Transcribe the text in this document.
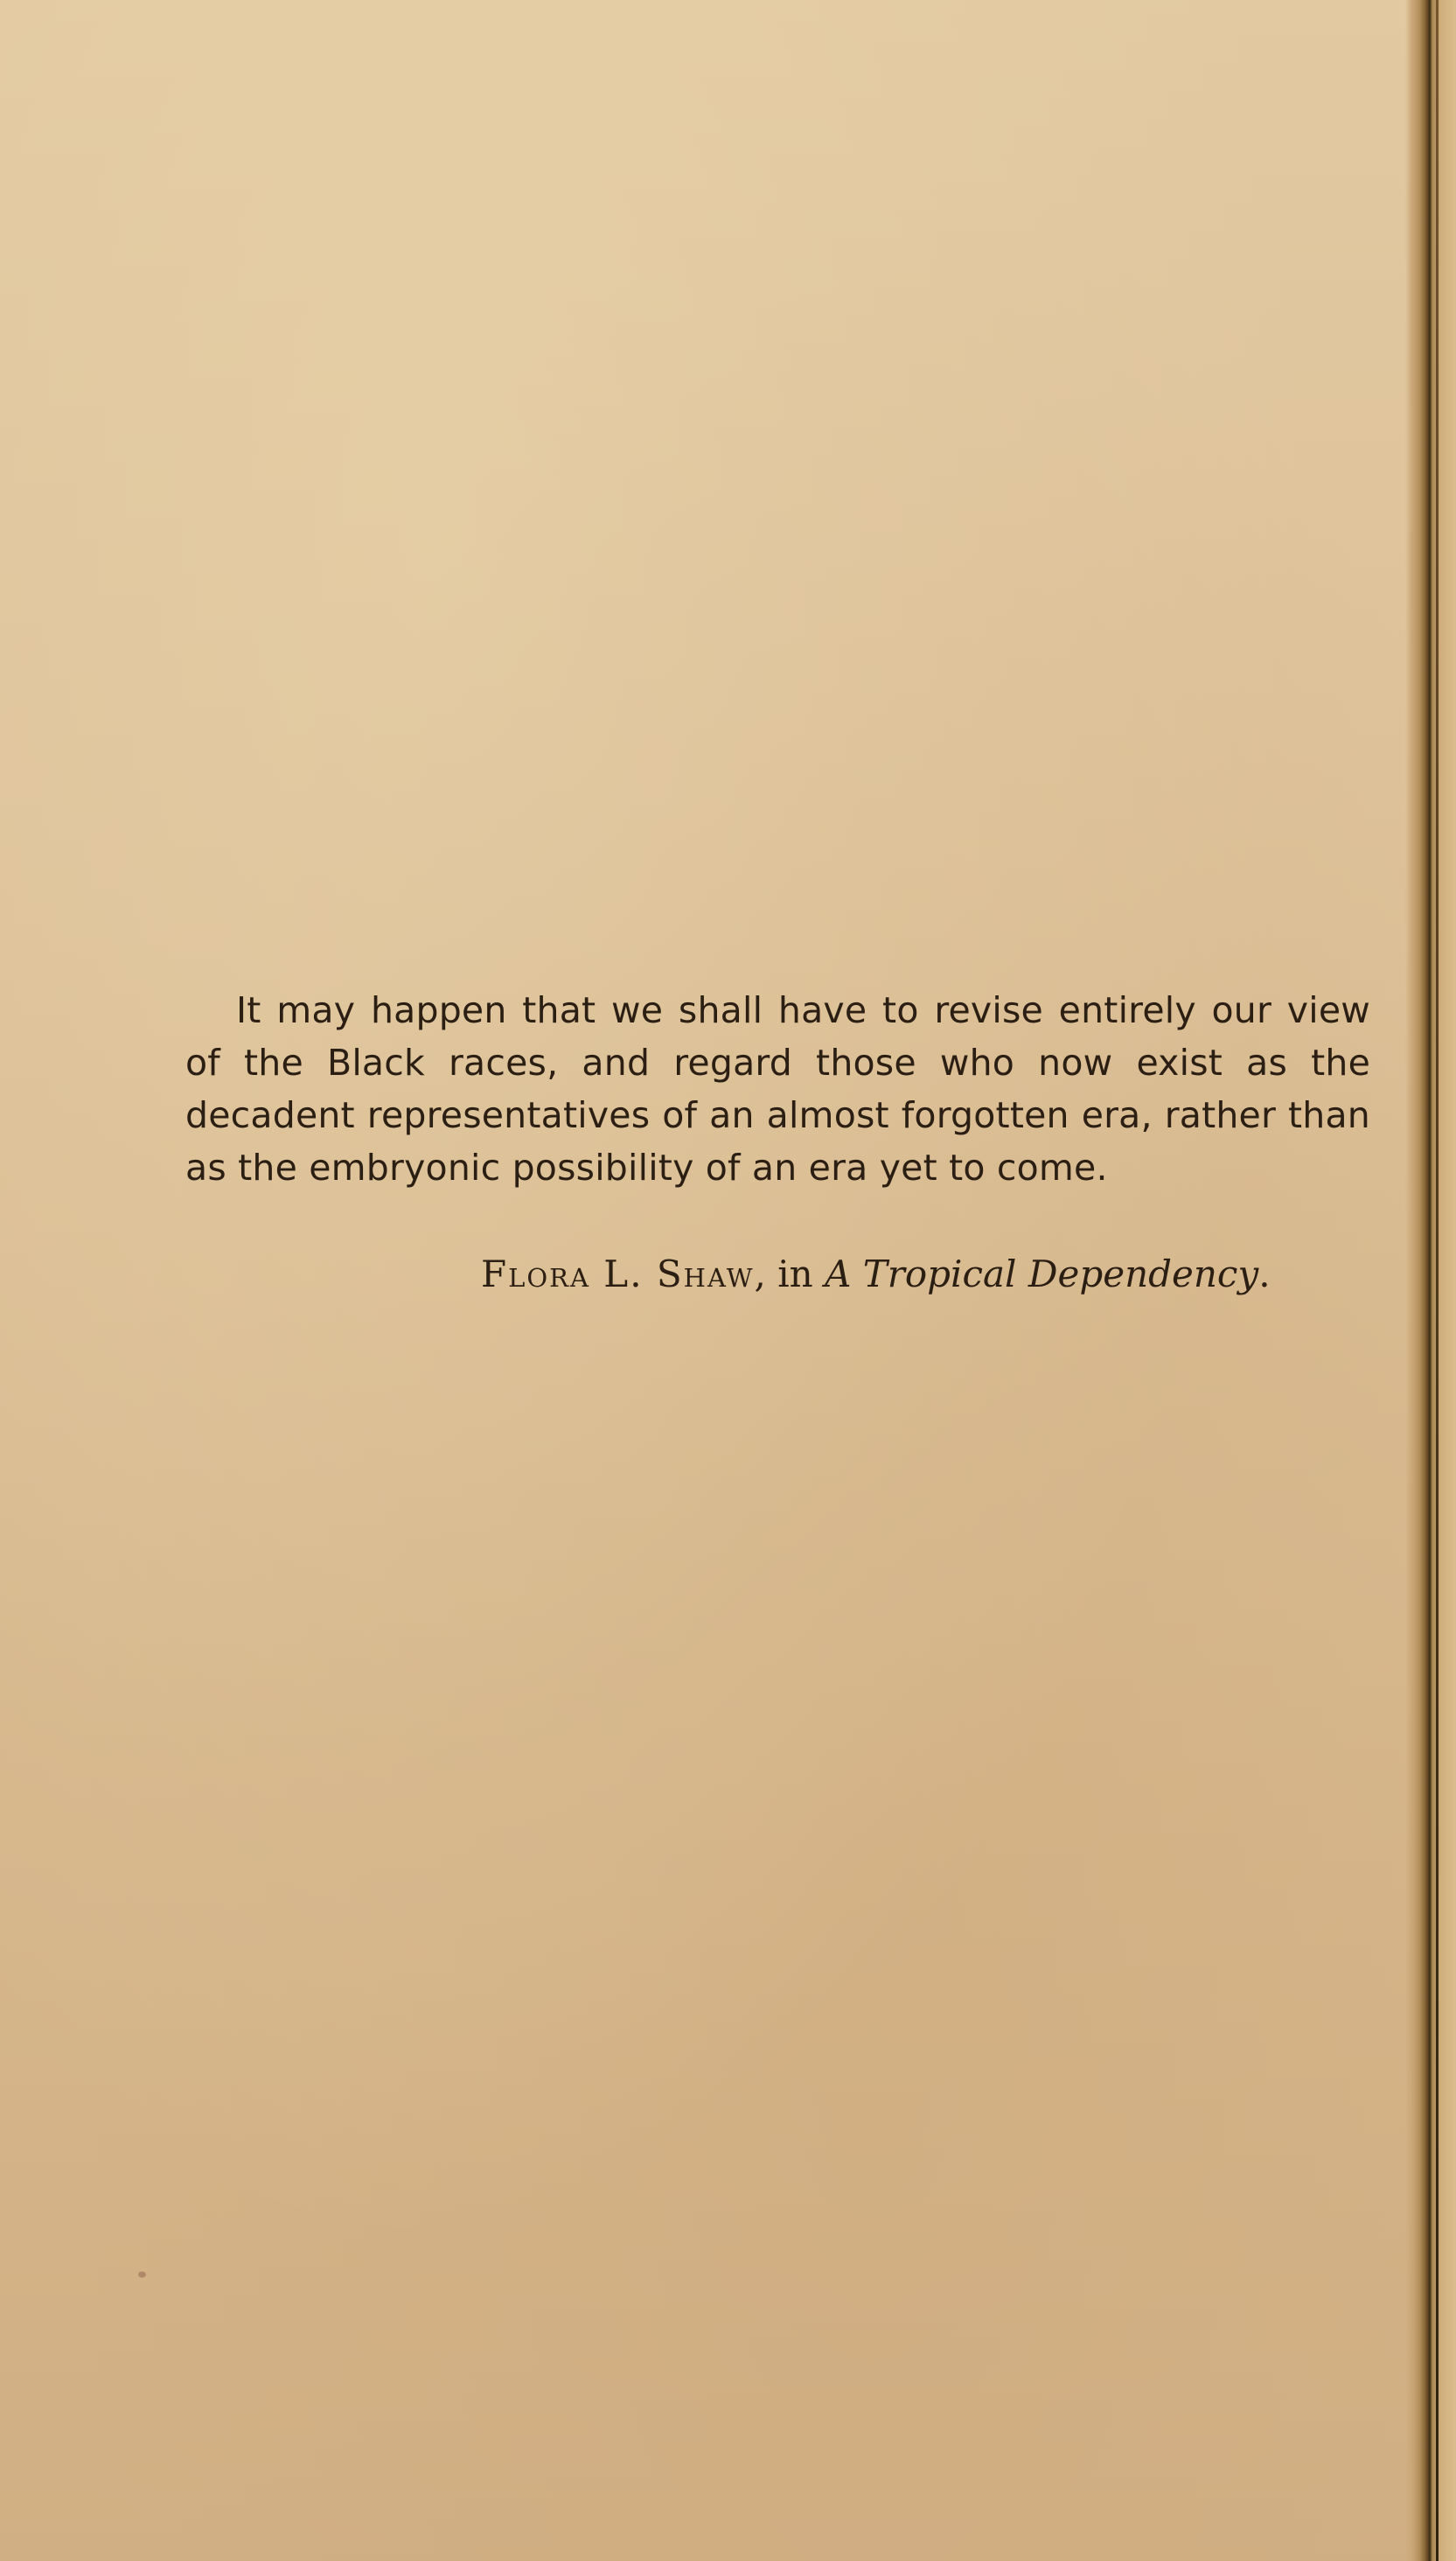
It may happen that we shall have to revise entirely our view of the Black races, and regard those who now exist as the decadent representatives of an almost forgotten era, rather than as the embryonic possibility of an era yet to come.

Flora L. Shaw, in A Tropical Dependency.
